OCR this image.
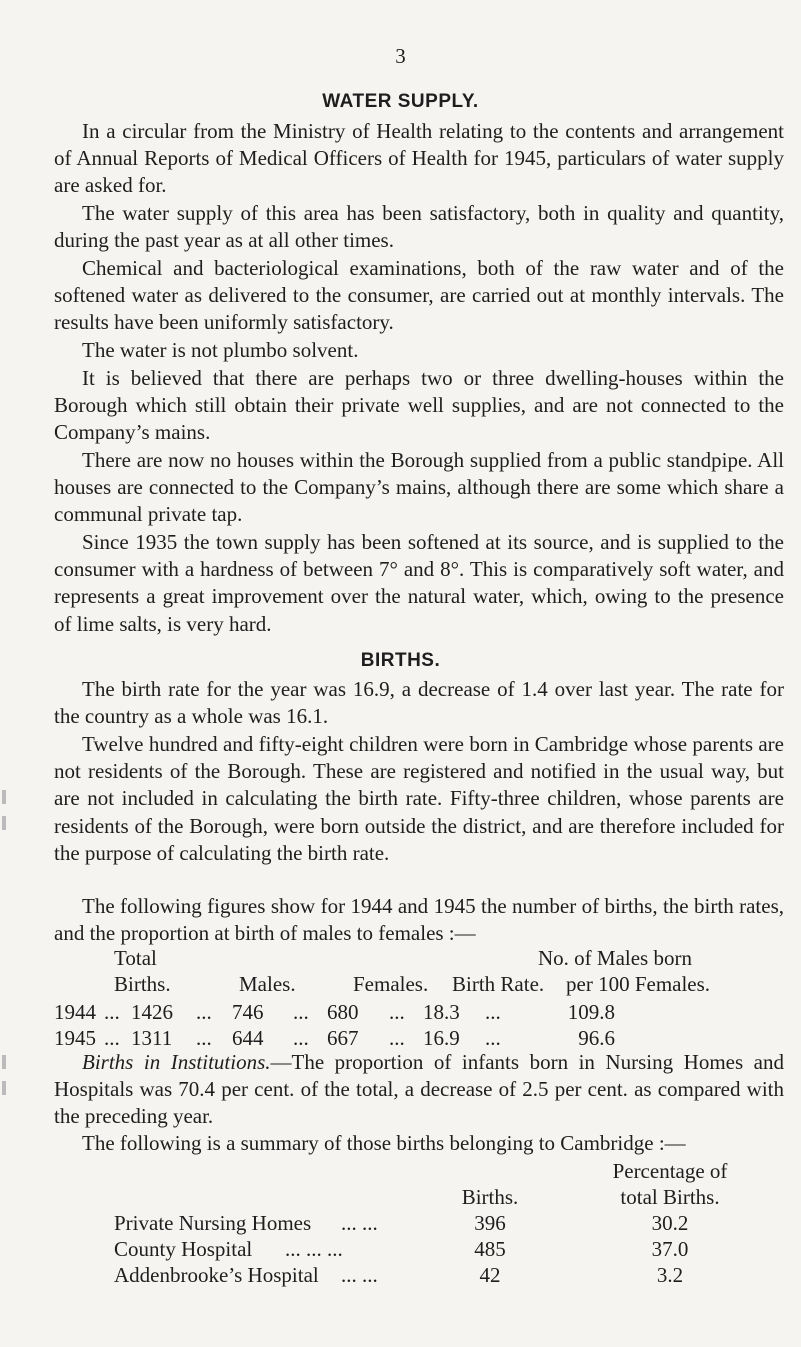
3
WATER SUPPLY.

In a circular from the Ministry of Health relating to the contents and arrangement of Annual Reports of Medical Officers of Health for 1945, particulars of water supply are asked for.

The water supply of this area has been satisfactory, both in quality and quantity, during the past year as at all other times.

Chemical and bacteriological examinations, both of the raw water and of the softened water as delivered to the consumer, are carried out at monthly intervals. The results have been uniformly satisfactory.

The water is not plumbo solvent.

It is believed that there are perhaps two or three dwelling-houses within the Borough which still obtain their private well supplies, and are not connected to the Company’s mains.

There are now no houses within the Borough supplied from a public standpipe. All houses are connected to the Company’s mains, although there are some which share a communal private tap.

Since 1935 the town supply has been softened at its source, and is supplied to the consumer with a hardness of between 7° and 8°. This is comparatively soft water, and represents a great improvement over the natural water, which, owing to the presence of lime salts, is very hard.

BIRTHS.

The birth rate for the year was 16.9, a decrease of 1.4 over last year. The rate for the country as a whole was 16.1.

Twelve hundred and fifty-eight children were born in Cambridge whose parents are not residents of the Borough. These are registered and notified in the usual way, but are not included in calculating the birth rate. Fifty-three children, whose parents are residents of the Borough, were born outside the district, and are therefore included for the purpose of calculating the birth rate.

The following figures show for 1944 and 1945 the number of births, the birth rates, and the proportion at birth of males to females :—

Total	No. of Males born
Births.	Males.	Females. Birth Rate. per 100 Females.
1944 ... 1426 ... 746 ... 680 ... 18.3 ...	109.8
1945 ... 1311 ... 644 ... 667 ... 16.9 ...	96.6

Births in Institutions.—The proportion of infants born in Nursing Homes and Hospitals was 70.4 per cent. of the total, a decrease of 2.5 per cent. as compared with the preceding year.

The following is a summary of those births belonging to Cambridge :—

Percentage of
Births.	total Births.
Private Nursing Homes ... ...	396	30.2
County Hospital ... ... ...	485	37.0
Addenbrooke’s Hospital ... ...	42	3.2
